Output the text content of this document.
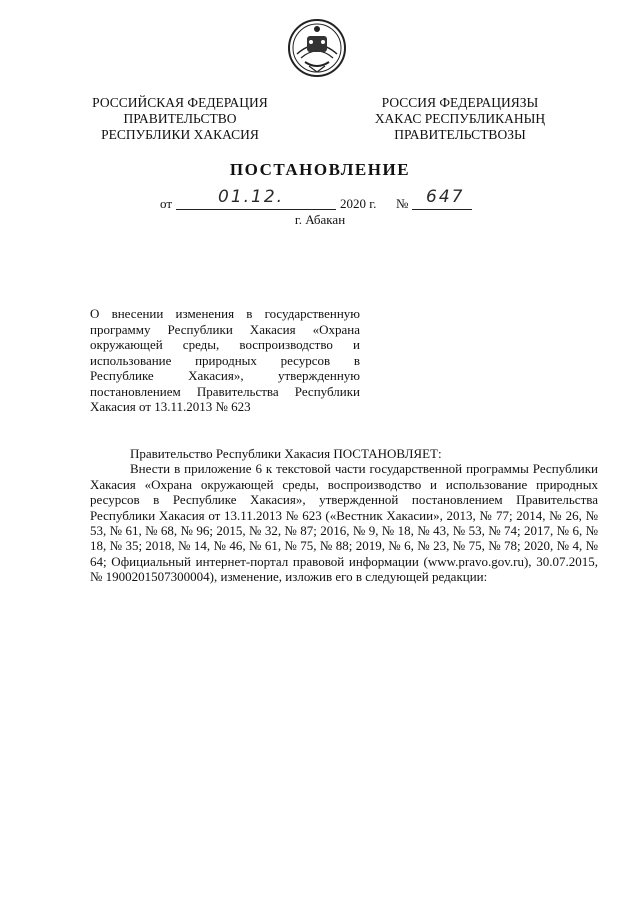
РОССИЙСКАЯ ФЕДЕРАЦИЯ
ПРАВИТЕЛЬСТВО
РЕСПУБЛИКИ ХАКАСИЯ
РОССИЯ ФЕДЕРАЦИЯЗЫ
ХАКАС РЕСПУБЛИКАНЫҢ
ПРАВИТЕЛЬСТВОЗЫ
ПОСТАНОВЛЕНИЕ
от	01.12.	2020 г. № 647
г. Абакан
О внесении изменения в государственную программу Республики Хакасия «Охрана окружающей среды, воспроизводство и использование природных ресурсов в Республике Хакасия», утвержденную постановлением Правительства Республики Хакасия от 13.11.2013 № 623

Правительство Республики Хакасия ПОСТАНОВЛЯЕТ:

Внести в приложение 6 к текстовой части государственной программы Республики Хакасия «Охрана окружающей среды, воспроизводство и использование природных ресурсов в Республике Хакасия», утвержденной постановлением Правительства Республики Хакасия от 13.11.2013 № 623 («Вестник Хакасии», 2013, № 77; 2014, № 26, № 53, № 61, № 68, № 96; 2015, № 32, № 87; 2016, № 9, № 18, № 43, № 53, № 74; 2017, № 6, № 18, № 35; 2018, № 14, № 46, № 61, № 75, № 88; 2019, № 6, № 23, № 75, № 78; 2020, № 4, № 64; Официальный интернет-портал правовой информации (www.pravo.gov.ru), 30.07.2015, № 1900201507300004), изменение, изложив его в следующей редакции:
